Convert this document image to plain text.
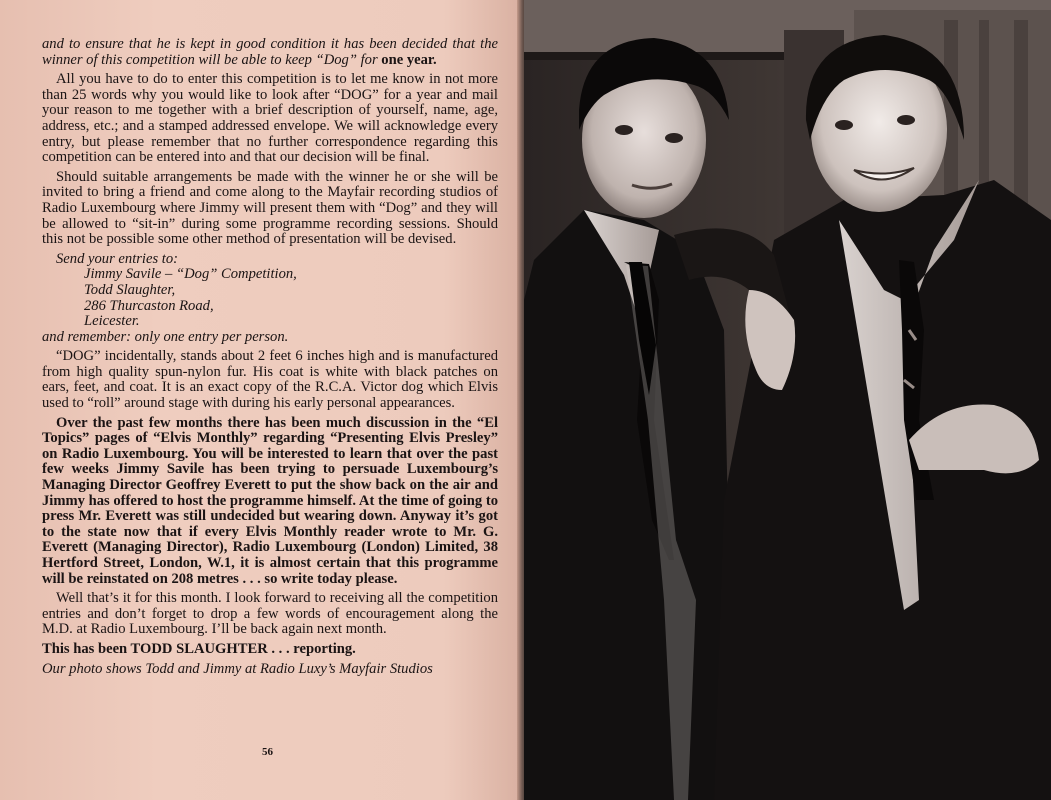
and to ensure that he is kept in good condition it has been decided that the winner of this competition will be able to keep “Dog” for one year.

All you have to do to enter this competition is to let me know in not more than 25 words why you would like to look after “DOG” for a year and mail your reason to me together with a brief description of yourself, name, age, address, etc.; and a stamped addressed envelope. We will acknowledge every entry, but please remember that no further correspondence regarding this competition can be entered into and that our decision will be final.

Should suitable arrangements be made with the winner he or she will be invited to bring a friend and come along to the Mayfair recording studios of Radio Luxembourg where Jimmy will present them with “Dog” and they will be allowed to “sit-in” during some programme recording sessions. Should this not be possible some other method of presentation will be devised.

Send your entries to:
Jimmy Savile – “Dog” Competition,
Todd Slaughter,
286 Thurcaston Road,
Leicester.

and remember: only one entry per person.

“DOG” incidentally, stands about 2 feet 6 inches high and is manufactured from high quality spun-nylon fur. His coat is white with black patches on ears, feet, and coat. It is an exact copy of the R.C.A. Victor dog which Elvis used to “roll” around stage with during his early personal appearances.

Over the past few months there has been much discussion in the “El Topics” pages of “Elvis Monthly” regarding “Presenting Elvis Presley” on Radio Luxembourg. You will be interested to learn that over the past few weeks Jimmy Savile has been trying to persuade Luxembourg’s Managing Director Geoffrey Everett to put the show back on the air and Jimmy has offered to host the programme himself. At the time of going to press Mr. Everett was still undecided but wearing down. Anyway it’s got to the state now that if every Elvis Monthly reader wrote to Mr. G. Everett (Managing Director), Radio Luxembourg (London) Limited, 38 Hertford Street, London, W.1, it is almost certain that this programme will be reinstated on 208 metres . . . so write today please.

Well that’s it for this month. I look forward to receiving all the competition entries and don’t forget to drop a few words of encouragement along the M.D. at Radio Luxembourg. I’ll be back again next month.

This has been TODD SLAUGHTER . . . reporting.

Our photo shows Todd and Jimmy at Radio Luxy’s Mayfair Studios

56
